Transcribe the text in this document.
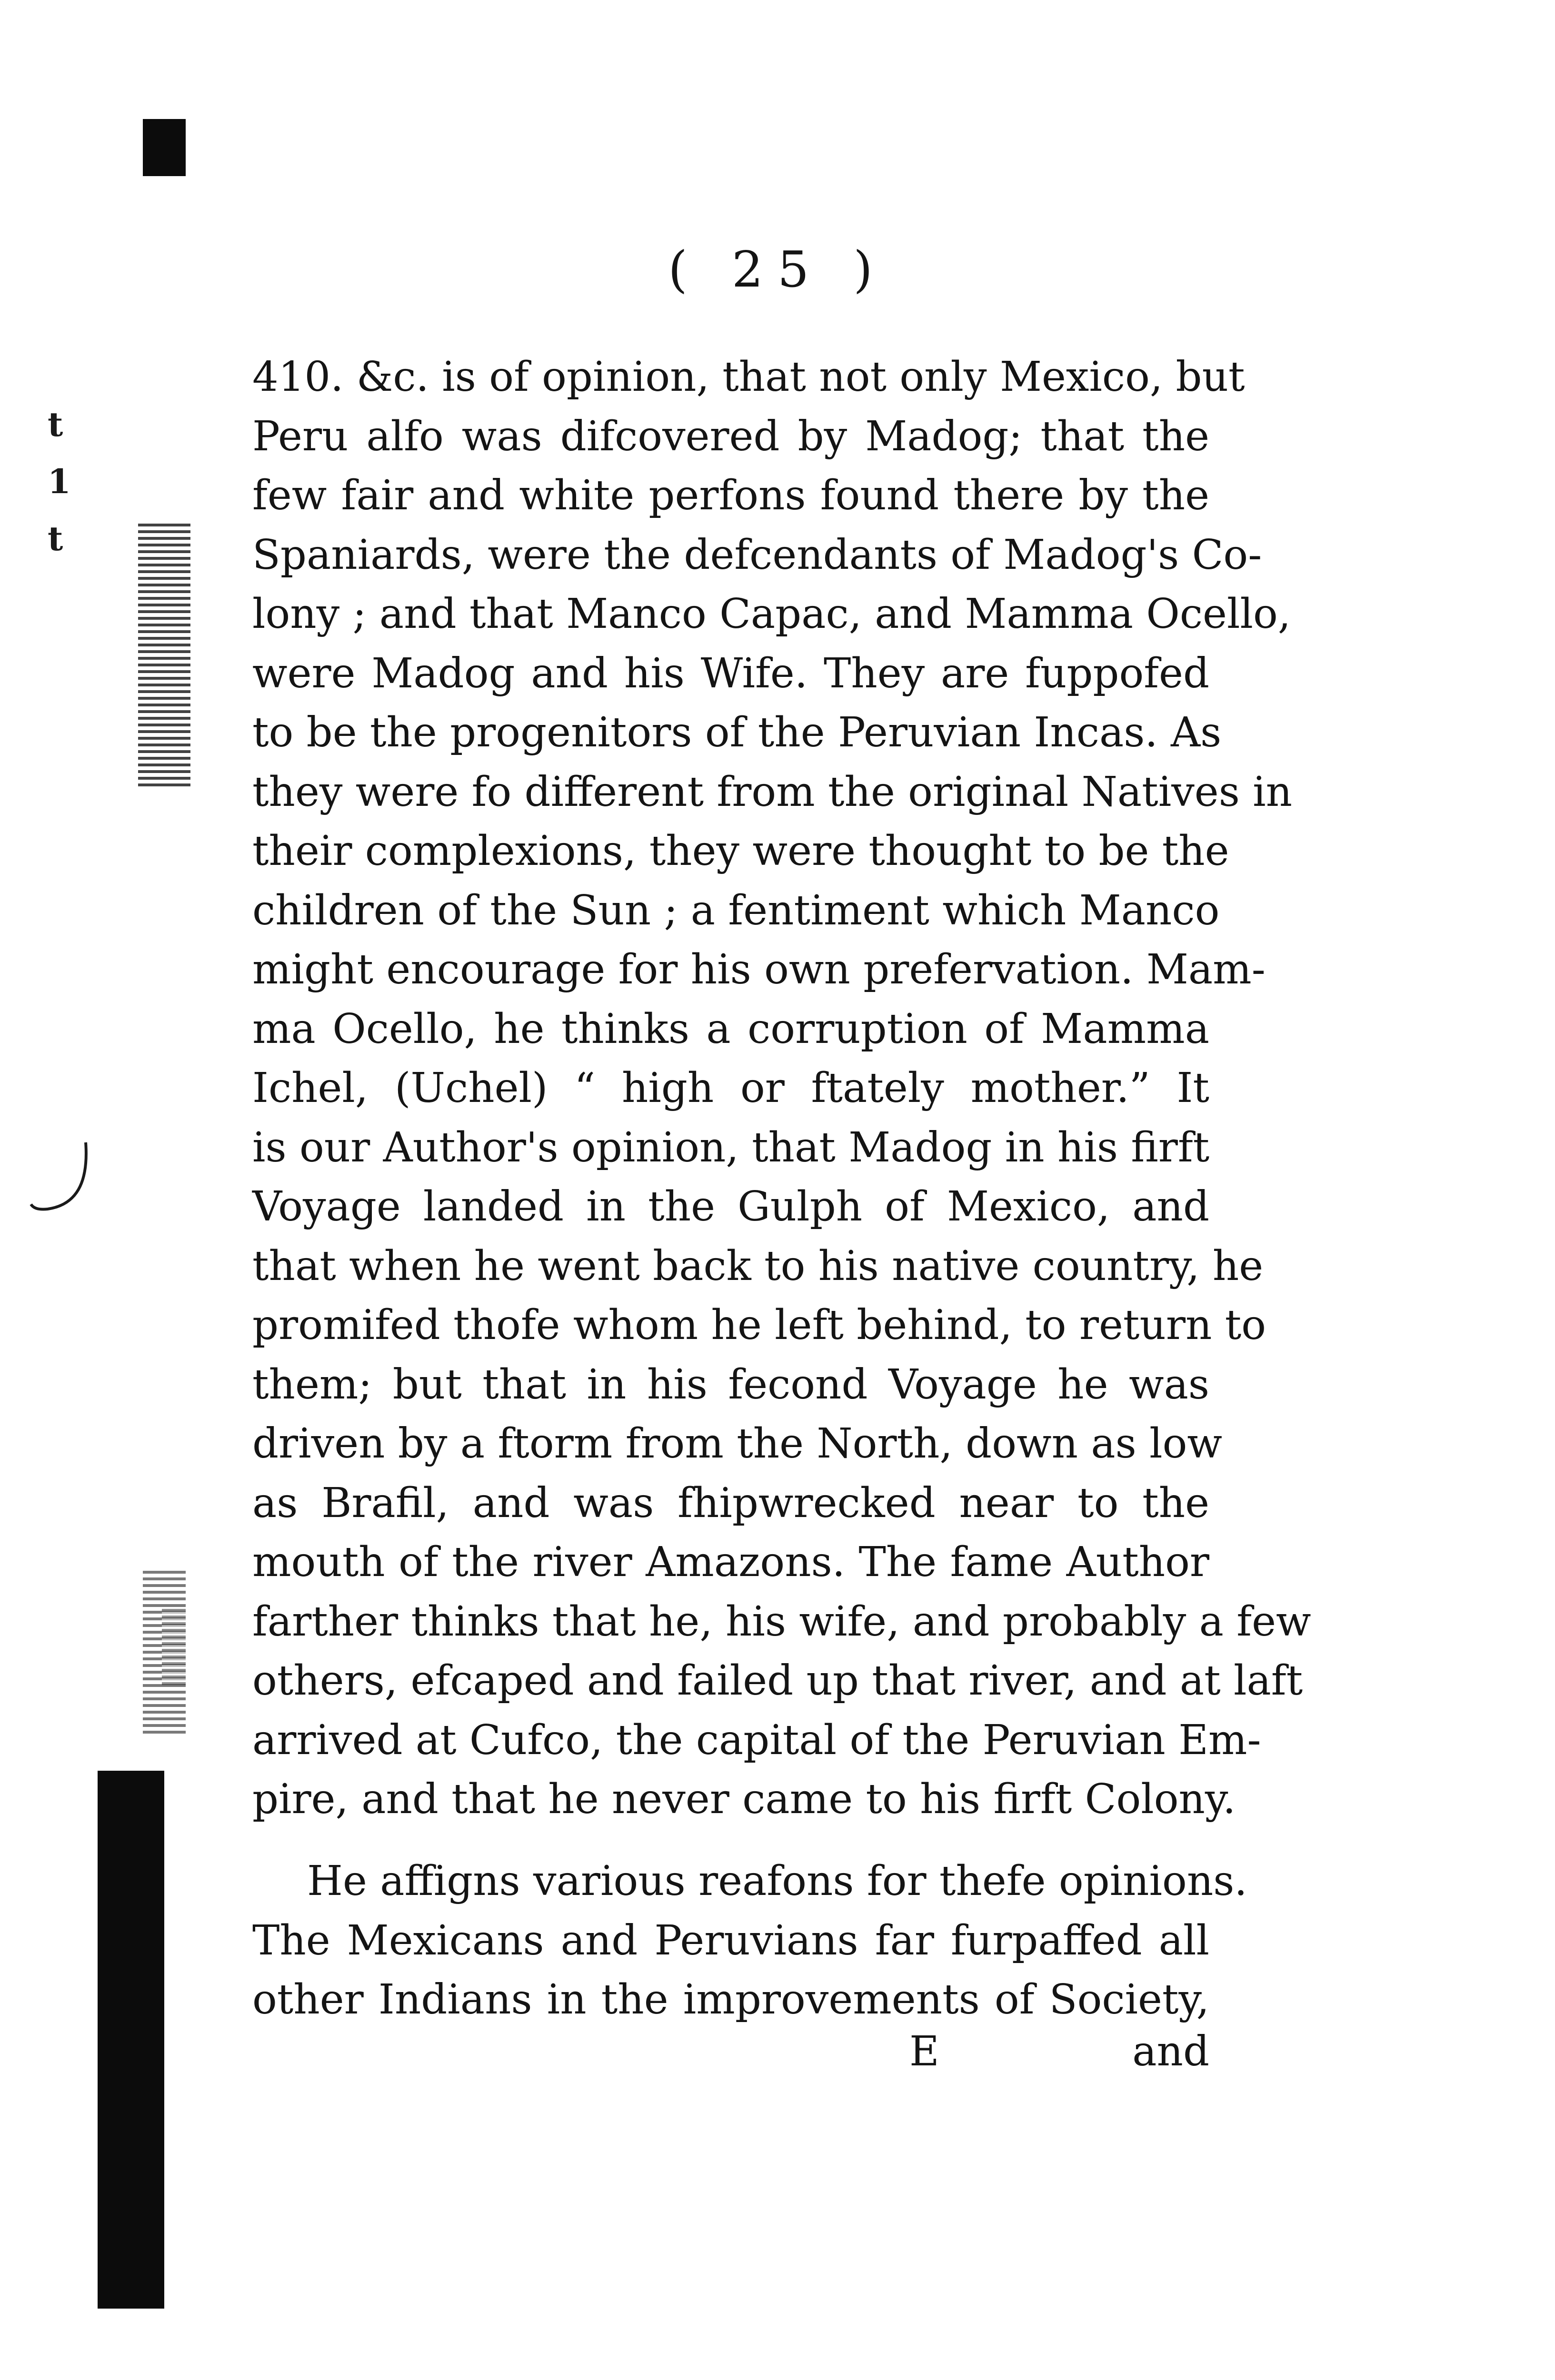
t
1
t
( 25 )
410. &c. is of opinion, that not only Mexico, but
Peru alfo was difcovered by Madog; that the
few fair and white perfons found there by the
Spaniards, were the defcendants of Madog's Co-
lony ; and that Manco Capac, and Mamma Ocello,
were Madog and his Wife. They are fuppofed
to be the progenitors of the Peruvian Incas. As
they were fo different from the original Natives in
their complexions, they were thought to be the
children of the Sun ; a fentiment which Manco
might encourage for his own prefervation. Mam-
ma Ocello, he thinks a corruption of Mamma
Ichel, (Uchel) “ high or ftately mother.” It
is our Author's opinion, that Madog in his firft
Voyage landed in the Gulph of Mexico, and
that when he went back to his native country, he
promifed thofe whom he left behind, to return to
them; but that in his fecond Voyage he was
driven by a ftorm from the North, down as low
as Brafil, and was fhipwrecked near to the
mouth of the river Amazons. The fame Author
farther thinks that he, his wife, and probably a few
others, efcaped and failed up that river, and at laft
arrived at Cufco, the capital of the Peruvian Em-
pire, and that he never came to his firft Colony.
He affigns various reafons for thefe opinions.
The Mexicans and Peruvians far furpaffed all
other Indians in the improvements of Society,
E	and
